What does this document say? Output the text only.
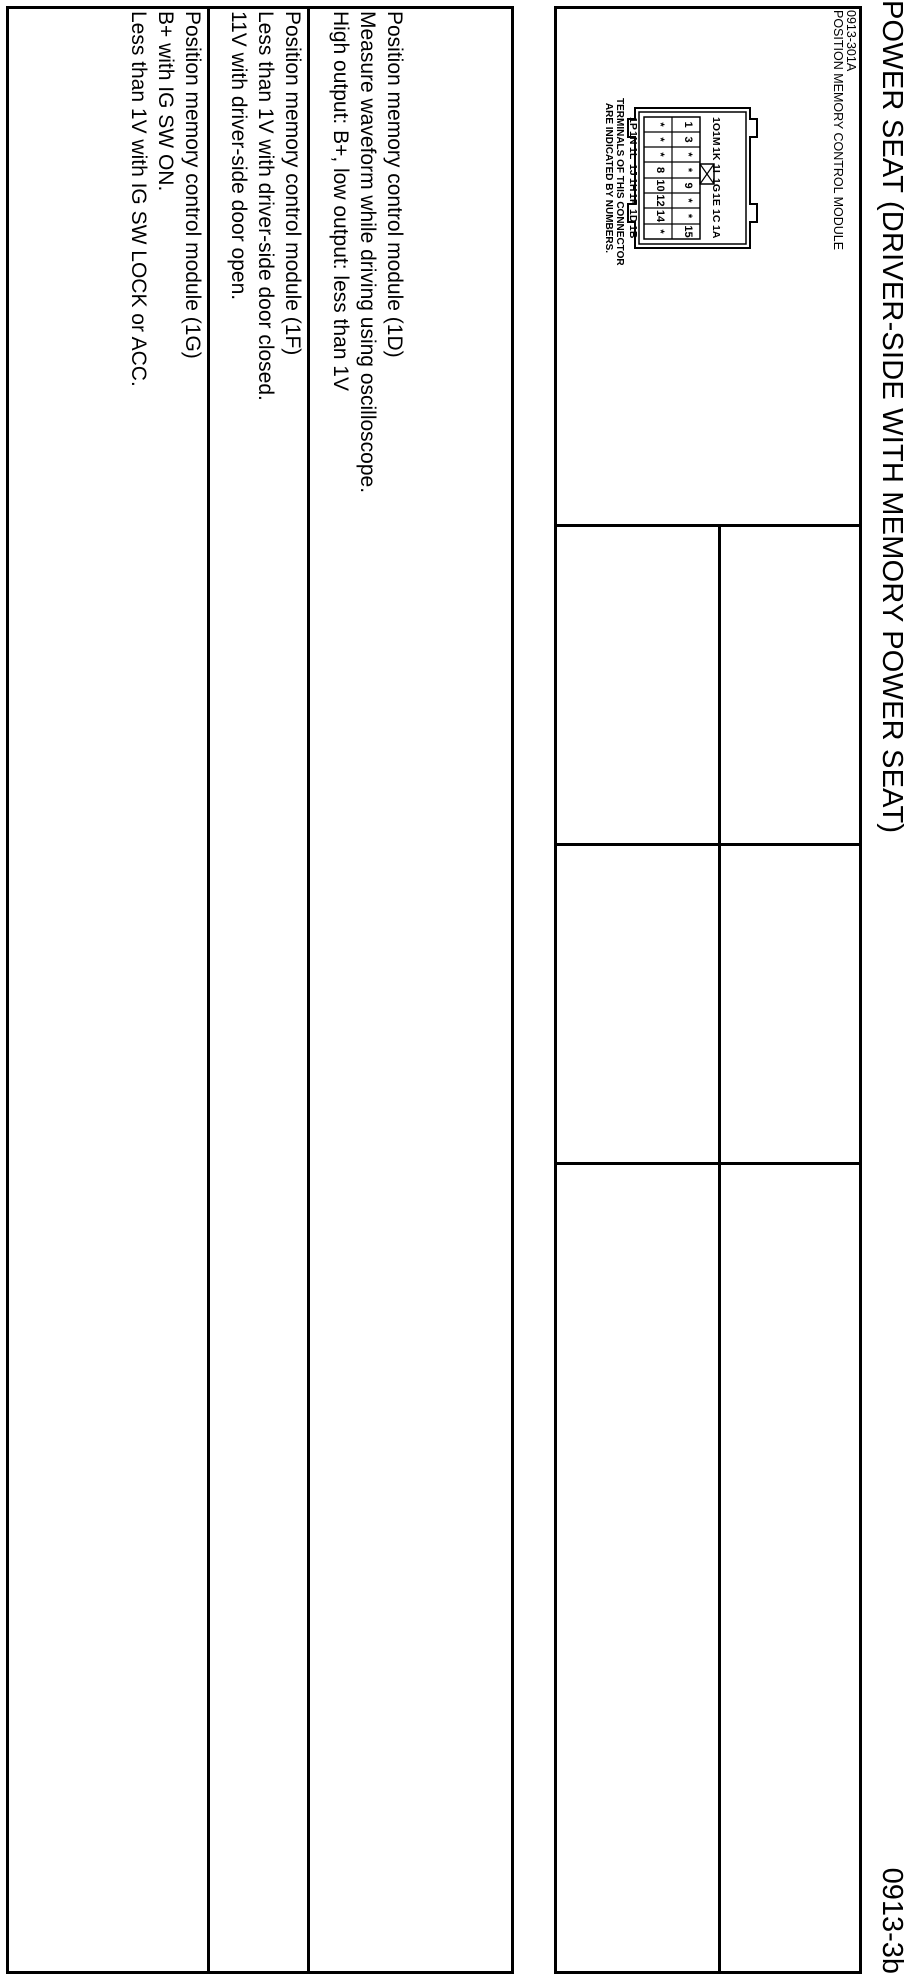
POWER SEAT (DRIVER-SIDE WITH MEMORY POWER SEAT)
0913-3b
0913-301A
POSITION MEMORY CONTROL MODULE
1O
1M
1K
1I
1G
1E
1C
1A
1
3
*
*
9
*
*
15
*
*
*
8
10
12
14
*
1P
1N
1L
1J
1H
1F
1D
1B
TERMINALS OF THIS CONNECTOR
ARE INDICATED BY NUMBERS.
Position memory control module (1D)
Measure waveform while driving using oscilloscope.
High output: B+, low output: less than 1V
Position memory control module (1F)
Less than 1V with driver-side door closed.
11V with driver-side door open.
Position memory control module (1G)
B+ with IG SW ON.
Less than 1V with IG SW LOCK or ACC.
